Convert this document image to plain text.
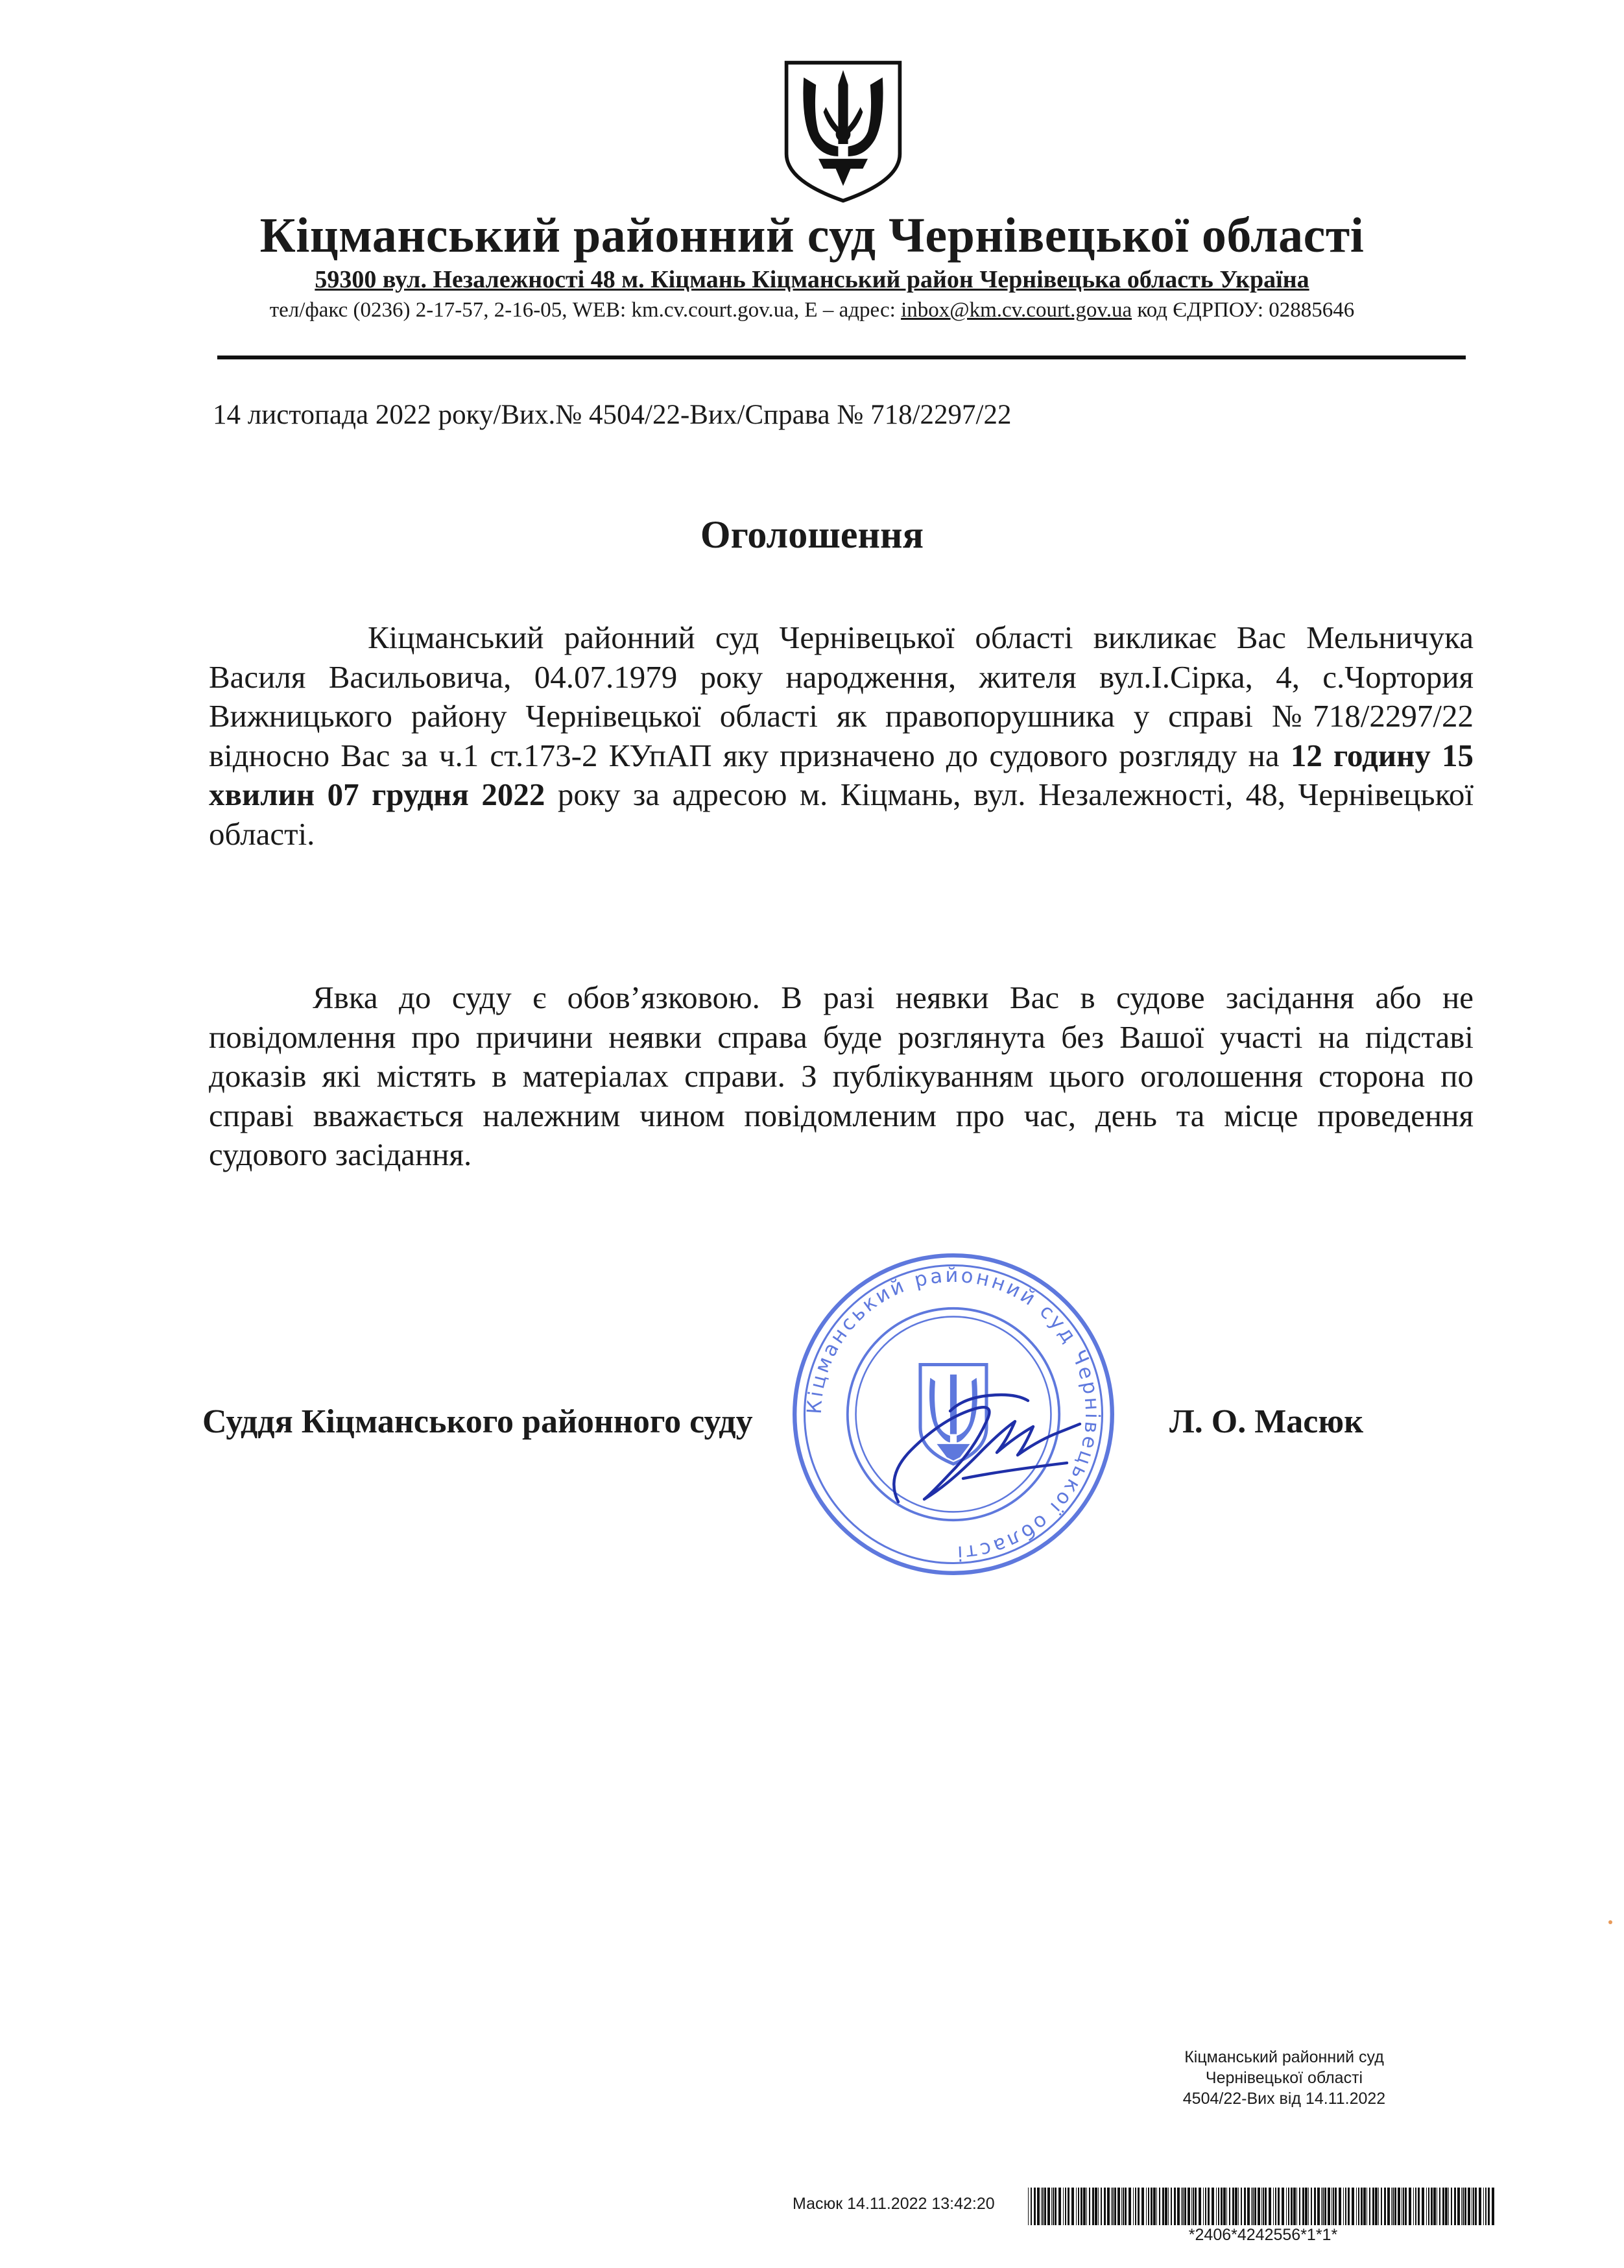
Кіцманський районний суд Чернівецької області
59300 вул. Незалежності 48 м. Кіцмань Кіцманський район Чернівецька область Україна
тел/факс (0236) 2-17-57, 2-16-05, WEB: km.cv.court.gov.ua, E – адрес: inbox@km.cv.court.gov.ua код ЄДРПОУ: 02885646
14 листопада 2022 року/Вих.№ 4504/22-Вих/Справа № 718/2297/22
Оголошення
Кіцманський районний суд Чернівецької області викликає Вас Мельничука Василя Васильовича, 04.07.1979 року народження, жителя вул.І.Сірка, 4, с.Чортория Вижницького району Чернівецької області як правопорушника у справі №718/2297/22 відносно Вас за ч.1 ст.173-2 КУпАП яку призначено до судового розгляду на 12 годину 15 хвилин 07 грудня 2022 року за адресою м. Кіцмань, вул. Незалежності, 48, Чернівецької області.
Явка до суду є обов’язковою. В разі неявки Вас в судове засідання або не повідомлення про причини неявки справа буде розглянута без Вашої участі на підставі доказів які містять в матеріалах справи. З публікуванням цього оголошення сторона по справі вважається належним чином повідомленим про час, день та місце проведення судового засідання.
Кіцманський районний суд Чернівецької області
Суддя Кіцманського районного суду	Л. О. Масюк
Кіцманський районний суд
Чернівецької області
4504/22-Вих від 14.11.2022
Масюк 14.11.2022 13:42:20
*2406*4242556*1*1*
